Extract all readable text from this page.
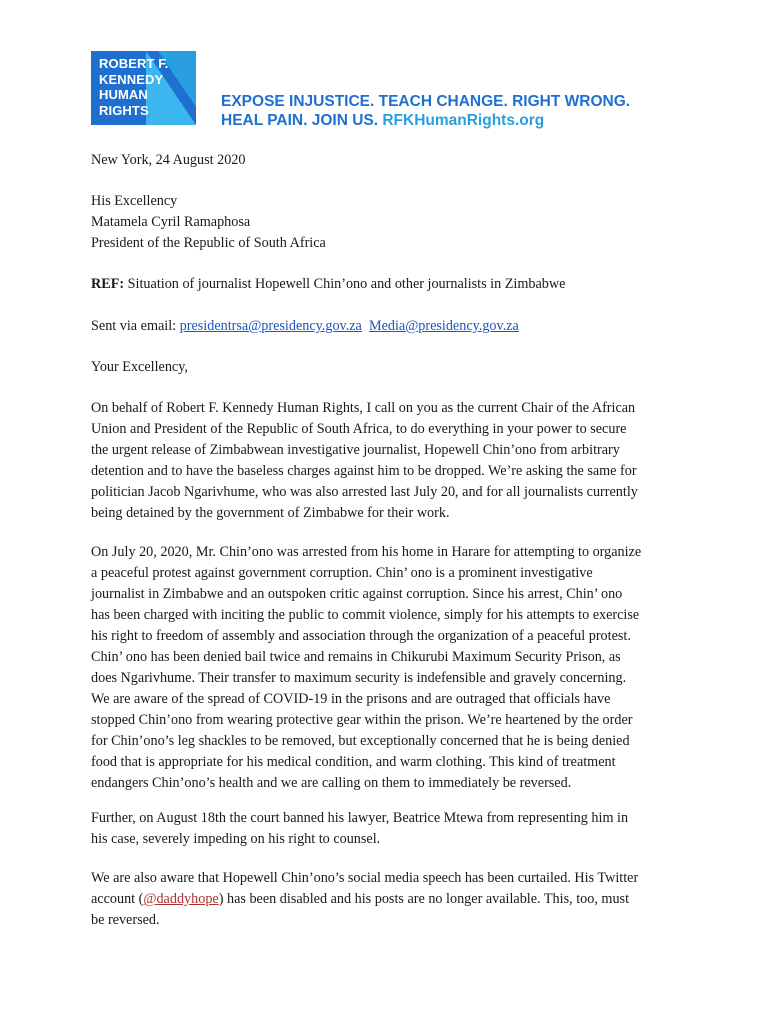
ROBERT F.
KENNEDY
HUMAN
RIGHTS	EXPOSE INJUSTICE. TEACH CHANGE. RIGHT WRONG.
HEAL PAIN. JOIN US. RFKHumanRights.org

New York, 24 August 2020

His Excellency
Matamela Cyril Ramaphosa
President of the Republic of South Africa

REF: Situation of journalist Hopewell Chin’ono and other journalists in Zimbabwe

Sent via email: presidentrsa@presidency.gov.za Media@presidency.gov.za

Your Excellency,

On behalf of Robert F. Kennedy Human Rights, I call on you as the current Chair of the African
Union and President of the Republic of South Africa, to do everything in your power to secure
the urgent release of Zimbabwean investigative journalist, Hopewell Chin’ono from arbitrary
detention and to have the baseless charges against him to be dropped. We’re asking the same for
politician Jacob Ngarivhume, who was also arrested last July 20, and for all journalists currently
being detained by the government of Zimbabwe for their work.
On July 20, 2020, Mr. Chin’ono was arrested from his home in Harare for attempting to organize
a peaceful protest against government corruption. Chin’ ono is a prominent investigative
journalist in Zimbabwe and an outspoken critic against corruption. Since his arrest, Chin’ ono
has been charged with inciting the public to commit violence, simply for his attempts to exercise
his right to freedom of assembly and association through the organization of a peaceful protest.
Chin’ ono has been denied bail twice and remains in Chikurubi Maximum Security Prison, as
does Ngarivhume. Their transfer to maximum security is indefensible and gravely concerning.
We are aware of the spread of COVID-19 in the prisons and are outraged that officials have
stopped Chin’ono from wearing protective gear within the prison. We’re heartened by the order
for Chin’ono’s leg shackles to be removed, but exceptionally concerned that he is being denied
food that is appropriate for his medical condition, and warm clothing. This kind of treatment
endangers Chin’ono’s health and we are calling on them to immediately be reversed.
Further, on August 18th the court banned his lawyer, Beatrice Mtewa from representing him in
his case, severely impeding on his right to counsel.
We are also aware that Hopewell Chin’ono’s social media speech has been curtailed. His Twitter
account (@daddyhope) has been disabled and his posts are no longer available. This, too, must
be reversed.
